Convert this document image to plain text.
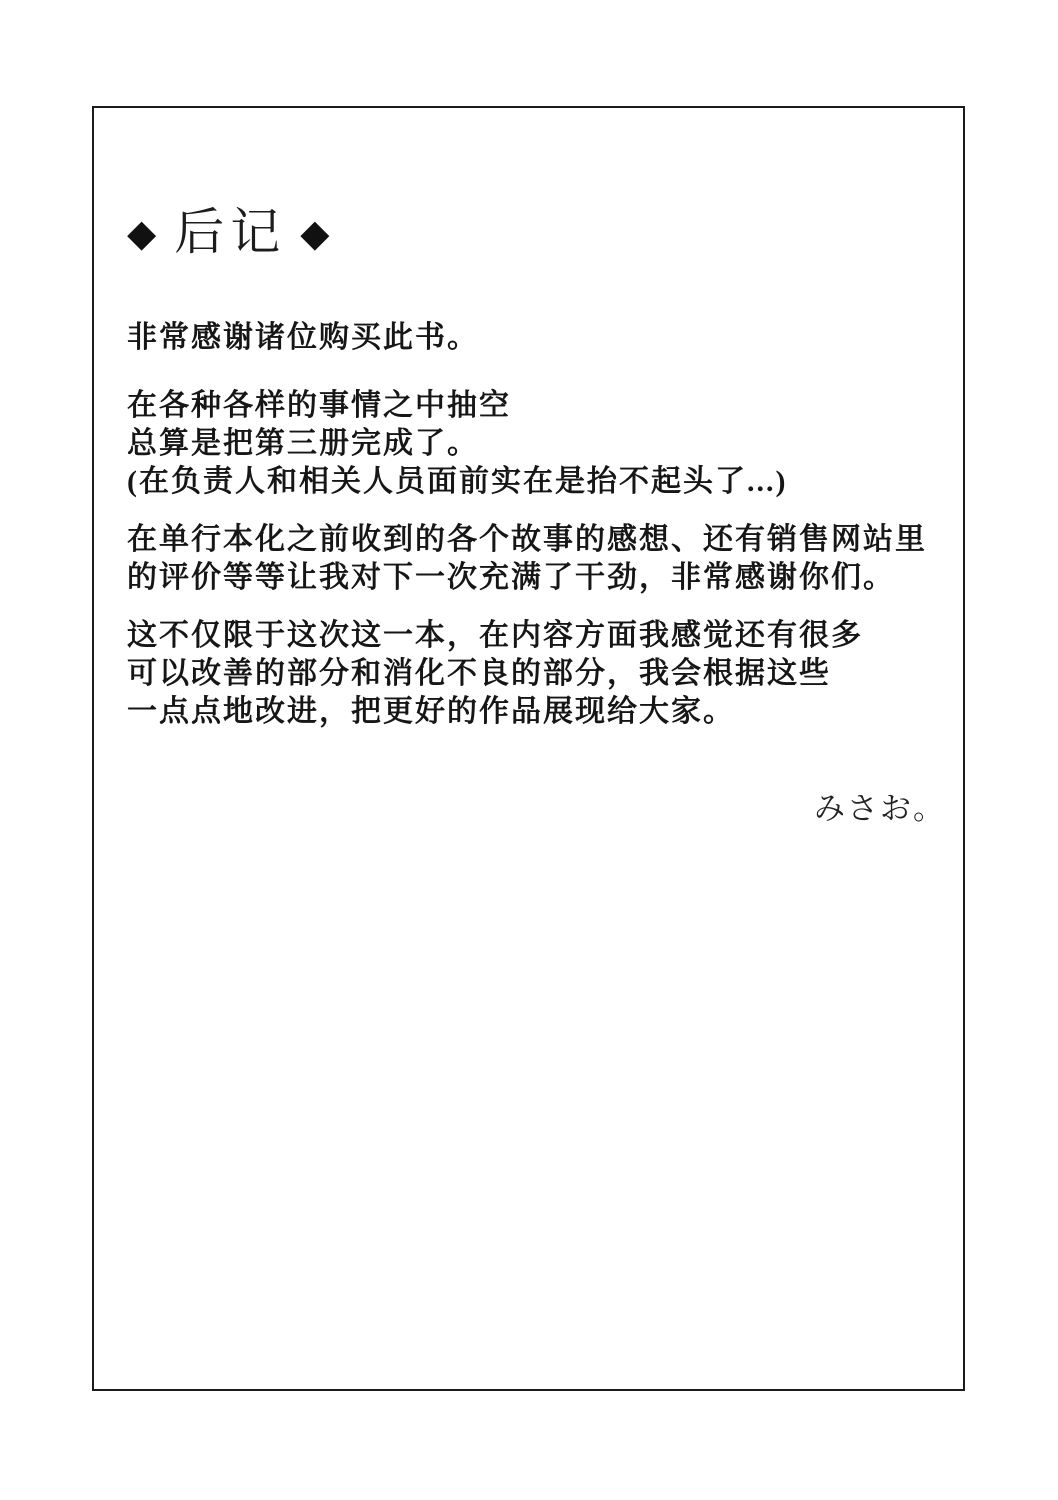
◆ 后记 ◆
非常感谢诸位购买此书。
在各种各样的事情之中抽空
总算是把第三册完成了。
(在负责人和相关人员面前实在是抬不起头了...)
在单行本化之前收到的各个故事的感想、还有销售网站里
的评价等等让我对下一次充满了干劲，非常感谢你们。
这不仅限于这次这一本，在内容方面我感觉还有很多
可以改善的部分和消化不良的部分，我会根据这些
一点点地改进，把更好的作品展现给大家。
みさお。
